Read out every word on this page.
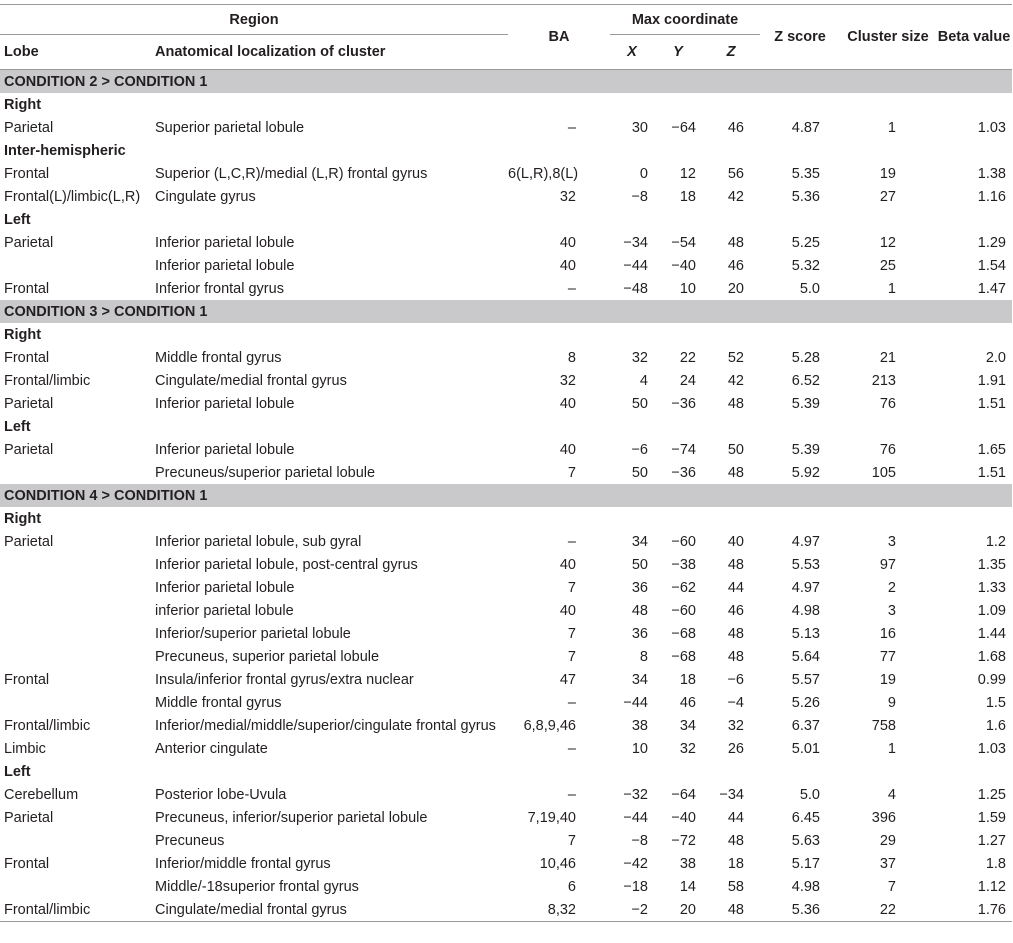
Region		BA	Max coordinate			Z score	Cluster size	Beta value
Lobe	Anatomical localization of cluster		X	Y	Z			
CONDITION 2 > CONDITION 1								
Right								
Parietal	Superior parietal lobule	–	30	−64	46	4.87	1	1.03
Inter-hemispheric								
Frontal	Superior (L,C,R)/medial (L,R) frontal gyrus	6(L,R),8(L)	0	12	56	5.35	19	1.38
Frontal(L)/limbic(L,R)	Cingulate gyrus	32	−8	18	42	5.36	27	1.16
Left								
Parietal	Inferior parietal lobule	40	−34	−54	48	5.25	12	1.29
	Inferior parietal lobule	40	−44	−40	46	5.32	25	1.54
Frontal	Inferior frontal gyrus	–	−48	10	20	5.0	1	1.47
CONDITION 3 > CONDITION 1								
Right								
Frontal	Middle frontal gyrus	8	32	22	52	5.28	21	2.0
Frontal/limbic	Cingulate/medial frontal gyrus	32	4	24	42	6.52	213	1.91
Parietal	Inferior parietal lobule	40	50	−36	48	5.39	76	1.51
Left								
Parietal	Inferior parietal lobule	40	−6	−74	50	5.39	76	1.65
	Precuneus/superior parietal lobule	7	50	−36	48	5.92	105	1.51
CONDITION 4 > CONDITION 1								
Right								
Parietal	Inferior parietal lobule, sub gyral	–	34	−60	40	4.97	3	1.2
	Inferior parietal lobule, post-central gyrus	40	50	−38	48	5.53	97	1.35
	Inferior parietal lobule	7	36	−62	44	4.97	2	1.33
	inferior parietal lobule	40	48	−60	46	4.98	3	1.09
	Inferior/superior parietal lobule	7	36	−68	48	5.13	16	1.44
	Precuneus, superior parietal lobule	7	8	−68	48	5.64	77	1.68
Frontal	Insula/inferior frontal gyrus/extra nuclear	47	34	18	−6	5.57	19	0.99
	Middle frontal gyrus	–	−44	46	−4	5.26	9	1.5
Frontal/limbic	Inferior/medial/middle/superior/cingulate frontal gyrus	6,8,9,46	38	34	32	6.37	758	1.6
Limbic	Anterior cingulate	–	10	32	26	5.01	1	1.03
Left								
Cerebellum	Posterior lobe-Uvula	–	−32	−64	−34	5.0	4	1.25
Parietal	Precuneus, inferior/superior parietal lobule	7,19,40	−44	−40	44	6.45	396	1.59
	Precuneus	7	−8	−72	48	5.63	29	1.27
Frontal	Inferior/middle frontal gyrus	10,46	−42	38	18	5.17	37	1.8
	Middle/-18superior frontal gyrus	6	−18	14	58	4.98	7	1.12
Frontal/limbic	Cingulate/medial frontal gyrus	8,32	−2	20	48	5.36	22	1.76
